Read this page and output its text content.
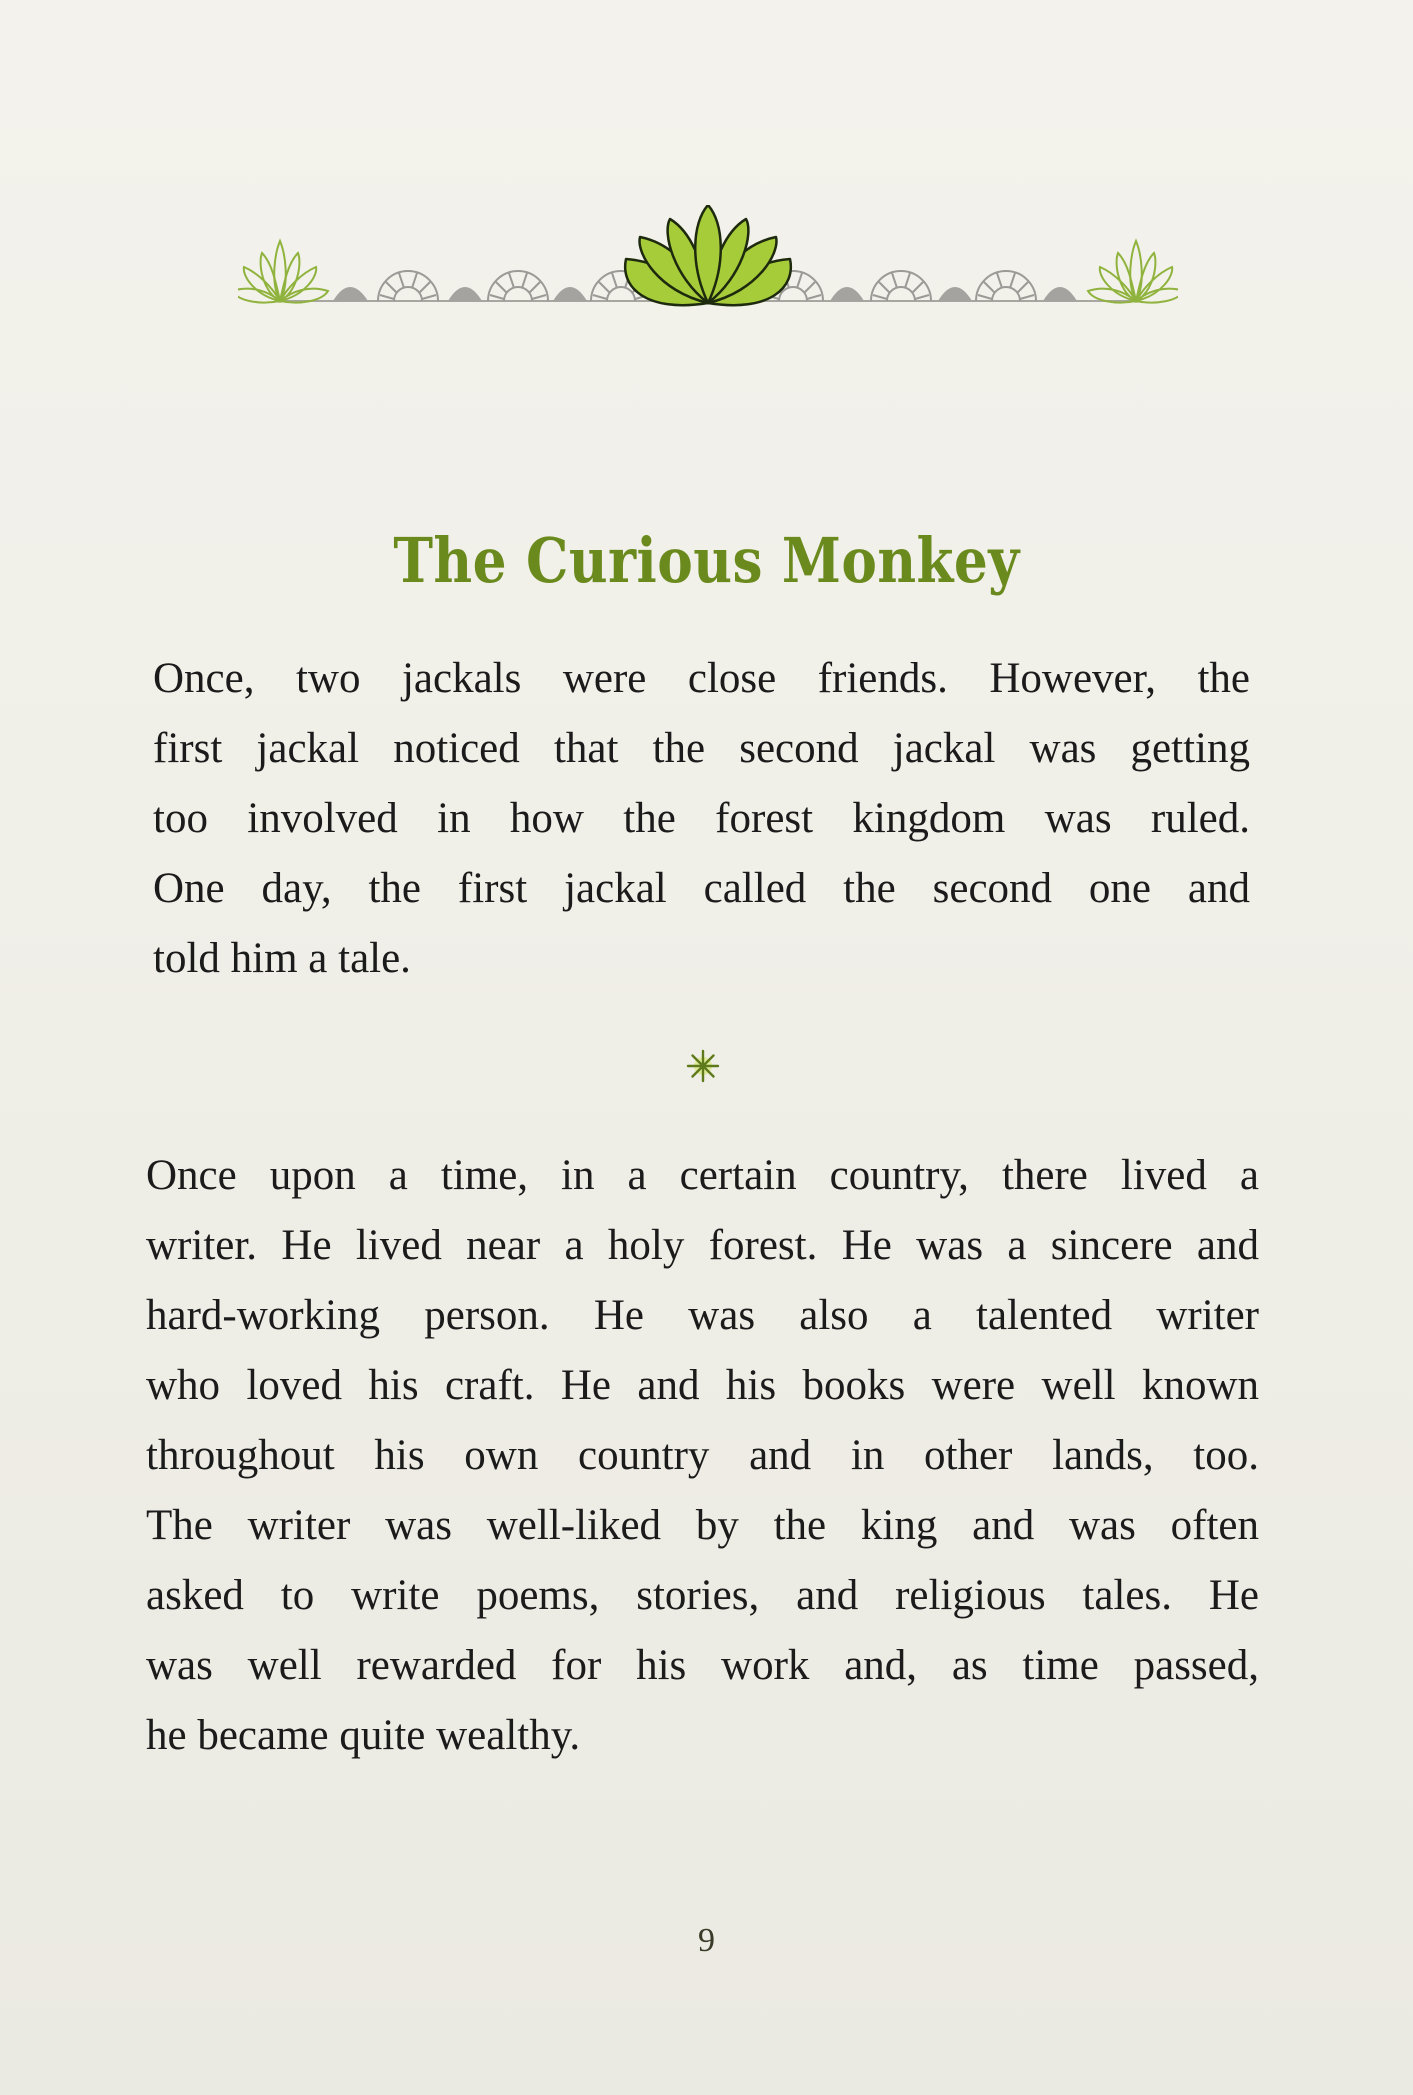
The Curious Monkey

Once, two jackals were close friends. However, the
first jackal noticed that the second jackal was getting
too involved in how the forest kingdom was ruled.
One day, the first jackal called the second one and
told him a tale.

Once upon a time, in a certain country, there lived a
writer. He lived near a holy forest. He was a sincere and
hard-working person. He was also a talented writer
who loved his craft. He and his books were well known
throughout his own country and in other lands, too.
The writer was well-liked by the king and was often
asked to write poems, stories, and religious tales. He
was well rewarded for his work and, as time passed,
he became quite wealthy.

9
